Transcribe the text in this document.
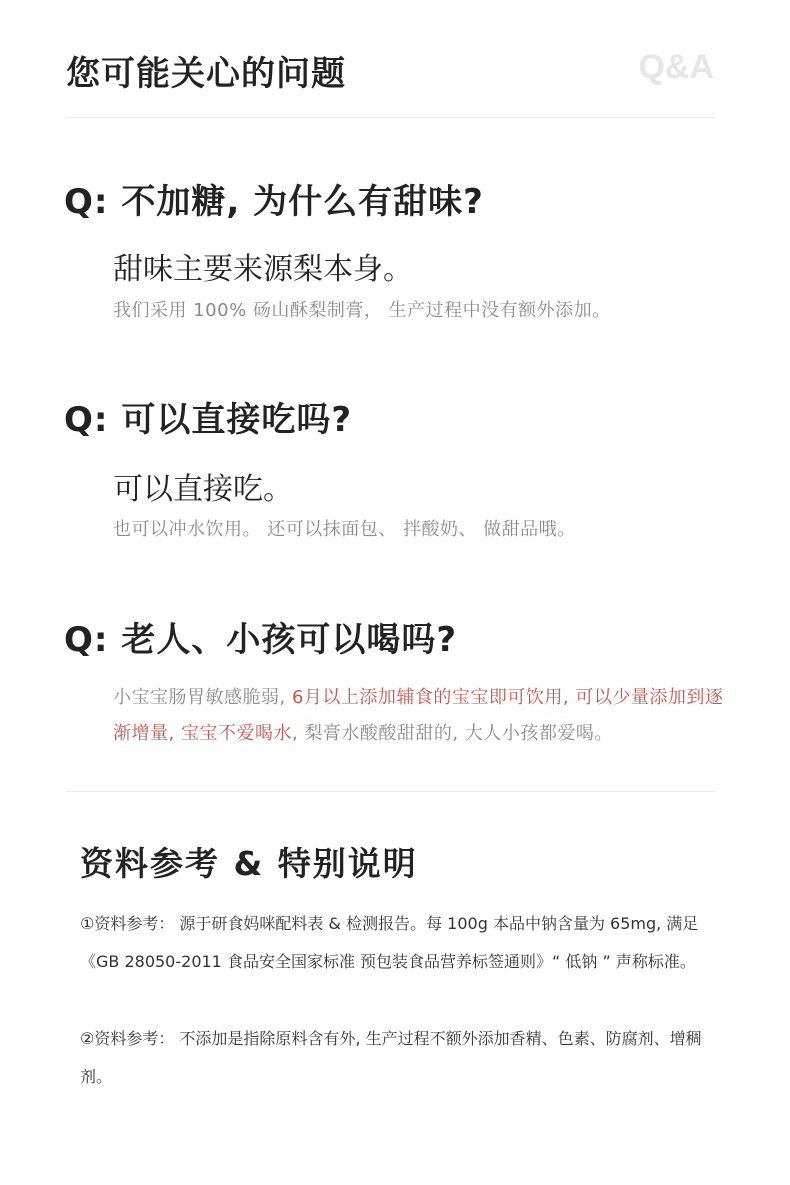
您可能关心的问题	Q&A
Q: 不加糖, 为什么有甜味?
甜味主要来源梨本身。
我们采用 100% 砀山酥梨制膏， 生产过程中没有额外添加。
Q: 可以直接吃吗?
可以直接吃。
也可以冲水饮用。 还可以抹面包、 拌酸奶、 做甜品哦。
Q: 老人、小孩可以喝吗?
小宝宝肠胃敏感脆弱, 6月以上添加辅食的宝宝即可饮用, 可以少量添加到逐渐增量, 宝宝不爱喝水, 梨膏水酸酸甜甜的, 大人小孩都爱喝。
资料参考 & 特别说明
①资料参考： 源于研食妈咪配料表 & 检测报告。每 100g 本品中钠含量为 65mg, 满足《GB 28050-2011 食品安全国家标准 预包装食品营养标签通则》“ 低钠 ” 声称标准。
②资料参考： 不添加是指除原料含有外, 生产过程不额外添加香精、色素、防腐剂、增稠剂。
